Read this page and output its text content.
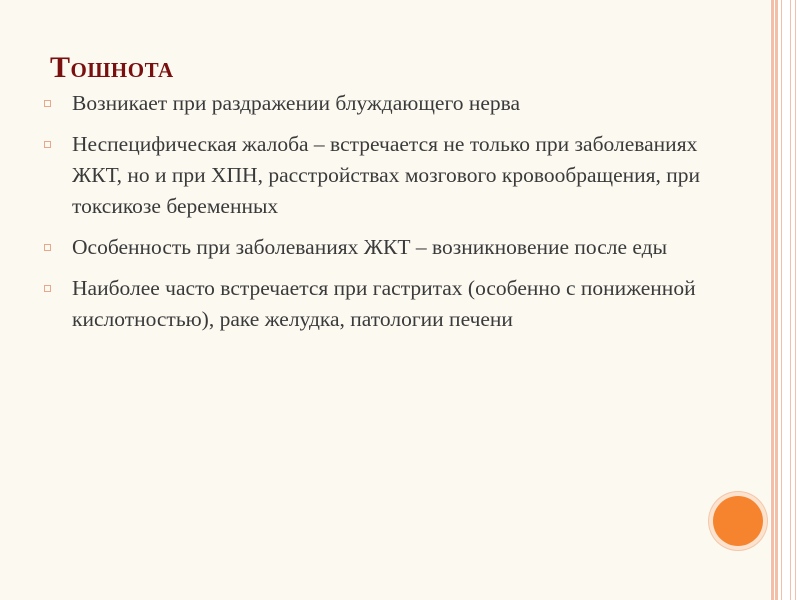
Тошнота
Возникает при раздражении блуждающего нерва
Неспецифическая жалоба – встречается не только при заболеваниях ЖКТ, но и при ХПН, расстройствах мозгового кровообращения, при токсикозе беременных
Особенность при заболеваниях ЖКТ – возникновение после еды
Наиболее часто встречается при гастритах (особенно с пониженной кислотностью), раке желудка, патологии печени
